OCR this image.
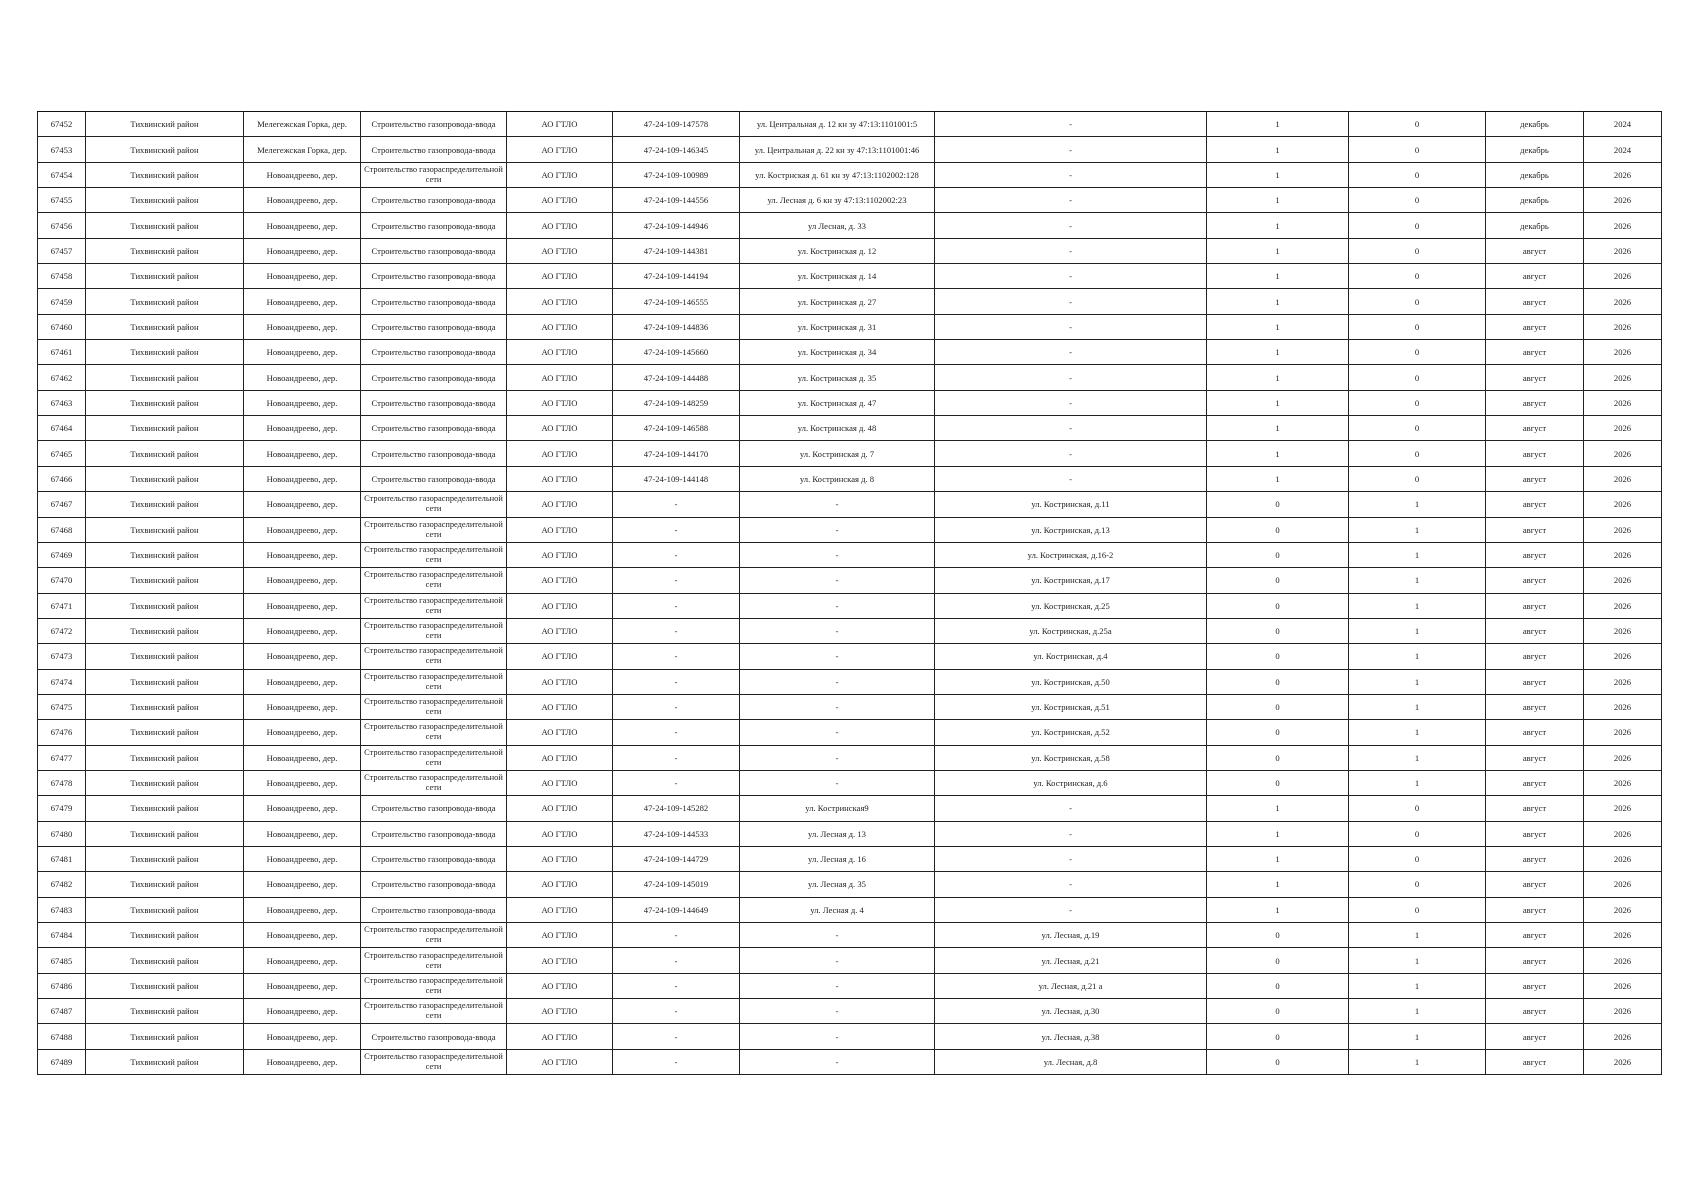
67452	Тихвинский район	Мелегежская Горка, дер.	Строительство газопровода-ввода	АО ГТЛО	47-24-109-147578	ул. Центральная д. 12 кн зу 47:13:1101001:5	-	1	0	декабрь	2024
67453	Тихвинский район	Мелегежская Горка, дер.	Строительство газопровода-ввода	АО ГТЛО	47-24-109-146345	ул. Центральная д. 22 кн зу 47:13:1101001:46	-	1	0	декабрь	2024
67454	Тихвинский район	Новоандреево, дер.	Строительство газораспределительной сети	АО ГТЛО	47-24-109-100989	ул. Кострнская д. 61 кн зу 47:13:1102002:128	-	1	0	декабрь	2026
67455	Тихвинский район	Новоандреево, дер.	Строительство газопровода-ввода	АО ГТЛО	47-24-109-144556	ул. Лесная д. 6 кн зу 47:13:1102002:23	-	1	0	декабрь	2026
67456	Тихвинский район	Новоандреево, дер.	Строительство газопровода-ввода	АО ГТЛО	47-24-109-144946	ул Лесная, д. 33	-	1	0	декабрь	2026
67457	Тихвинский район	Новоандреево, дер.	Строительство газопровода-ввода	АО ГТЛО	47-24-109-144381	ул. Костринская д. 12	-	1	0	август	2026
67458	Тихвинский район	Новоандреево, дер.	Строительство газопровода-ввода	АО ГТЛО	47-24-109-144194	ул. Костринская д. 14	-	1	0	август	2026
67459	Тихвинский район	Новоандреево, дер.	Строительство газопровода-ввода	АО ГТЛО	47-24-109-146555	ул. Костринская д. 27	-	1	0	август	2026
67460	Тихвинский район	Новоандреево, дер.	Строительство газопровода-ввода	АО ГТЛО	47-24-109-144836	ул. Костринская д. 31	-	1	0	август	2026
67461	Тихвинский район	Новоандреево, дер.	Строительство газопровода-ввода	АО ГТЛО	47-24-109-145660	ул. Костринская д. 34	-	1	0	август	2026
67462	Тихвинский район	Новоандреево, дер.	Строительство газопровода-ввода	АО ГТЛО	47-24-109-144488	ул. Костринская д. 35	-	1	0	август	2026
67463	Тихвинский район	Новоандреево, дер.	Строительство газопровода-ввода	АО ГТЛО	47-24-109-148259	ул. Костринская д. 47	-	1	0	август	2026
67464	Тихвинский район	Новоандреево, дер.	Строительство газопровода-ввода	АО ГТЛО	47-24-109-146588	ул. Костринская д. 48	-	1	0	август	2026
67465	Тихвинский район	Новоандреево, дер.	Строительство газопровода-ввода	АО ГТЛО	47-24-109-144170	ул. Костринская д. 7	-	1	0	август	2026
67466	Тихвинский район	Новоандреево, дер.	Строительство газопровода-ввода	АО ГТЛО	47-24-109-144148	ул. Костринская д. 8	-	1	0	август	2026
67467	Тихвинский район	Новоандреево, дер.	Строительство газораспределительной сети	АО ГТЛО	-	-	ул. Костринская, д.11	0	1	август	2026
67468	Тихвинский район	Новоандреево, дер.	Строительство газораспределительной сети	АО ГТЛО	-	-	ул. Костринская, д.13	0	1	август	2026
67469	Тихвинский район	Новоандреево, дер.	Строительство газораспределительной сети	АО ГТЛО	-	-	ул. Костринская, д.16-2	0	1	август	2026
67470	Тихвинский район	Новоандреево, дер.	Строительство газораспределительной сети	АО ГТЛО	-	-	ул. Костринская, д.17	0	1	август	2026
67471	Тихвинский район	Новоандреево, дер.	Строительство газораспределительной сети	АО ГТЛО	-	-	ул. Костринская, д.25	0	1	август	2026
67472	Тихвинский район	Новоандреево, дер.	Строительство газораспределительной сети	АО ГТЛО	-	-	ул. Костринская, д.25а	0	1	август	2026
67473	Тихвинский район	Новоандреево, дер.	Строительство газораспределительной сети	АО ГТЛО	-	-	ул. Костринская, д.4	0	1	август	2026
67474	Тихвинский район	Новоандреево, дер.	Строительство газораспределительной сети	АО ГТЛО	-	-	ул. Костринская, д.50	0	1	август	2026
67475	Тихвинский район	Новоандреево, дер.	Строительство газораспределительной сети	АО ГТЛО	-	-	ул. Костринская, д.51	0	1	август	2026
67476	Тихвинский район	Новоандреево, дер.	Строительство газораспределительной сети	АО ГТЛО	-	-	ул. Костринская, д.52	0	1	август	2026
67477	Тихвинский район	Новоандреево, дер.	Строительство газораспределительной сети	АО ГТЛО	-	-	ул. Костринская, д.58	0	1	август	2026
67478	Тихвинский район	Новоандреево, дер.	Строительство газораспределительной сети	АО ГТЛО	-	-	ул. Костринская, д.6	0	1	август	2026
67479	Тихвинский район	Новоандреево, дер.	Строительство газопровода-ввода	АО ГТЛО	47-24-109-145282	ул. Костринская9	-	1	0	август	2026
67480	Тихвинский район	Новоандреево, дер.	Строительство газопровода-ввода	АО ГТЛО	47-24-109-144533	ул. Лесная д. 13	-	1	0	август	2026
67481	Тихвинский район	Новоандреево, дер.	Строительство газопровода-ввода	АО ГТЛО	47-24-109-144729	ул. Лесная д. 16	-	1	0	август	2026
67482	Тихвинский район	Новоандреево, дер.	Строительство газопровода-ввода	АО ГТЛО	47-24-109-145019	ул. Лесная д. 35	-	1	0	август	2026
67483	Тихвинский район	Новоандреево, дер.	Строительство газопровода-ввода	АО ГТЛО	47-24-109-144649	ул. Лесная д. 4	-	1	0	август	2026
67484	Тихвинский район	Новоандреево, дер.	Строительство газораспределительной сети	АО ГТЛО	-	-	ул. Лесная, д.19	0	1	август	2026
67485	Тихвинский район	Новоандреево, дер.	Строительство газораспределительной сети	АО ГТЛО	-	-	ул. Лесная, д.21	0	1	август	2026
67486	Тихвинский район	Новоандреево, дер.	Строительство газораспределительной сети	АО ГТЛО	-	-	ул. Лесная, д.21 а	0	1	август	2026
67487	Тихвинский район	Новоандреево, дер.	Строительство газораспределительной сети	АО ГТЛО	-	-	ул. Лесная, д.30	0	1	август	2026
67488	Тихвинский район	Новоандреево, дер.	Строительство газопровода-ввода	АО ГТЛО	-	-	ул. Лесная, д.38	0	1	август	2026
67489	Тихвинский район	Новоандреево, дер.	Строительство газораспределительной сети	АО ГТЛО	-	-	ул. Лесная, д.8	0	1	август	2026
